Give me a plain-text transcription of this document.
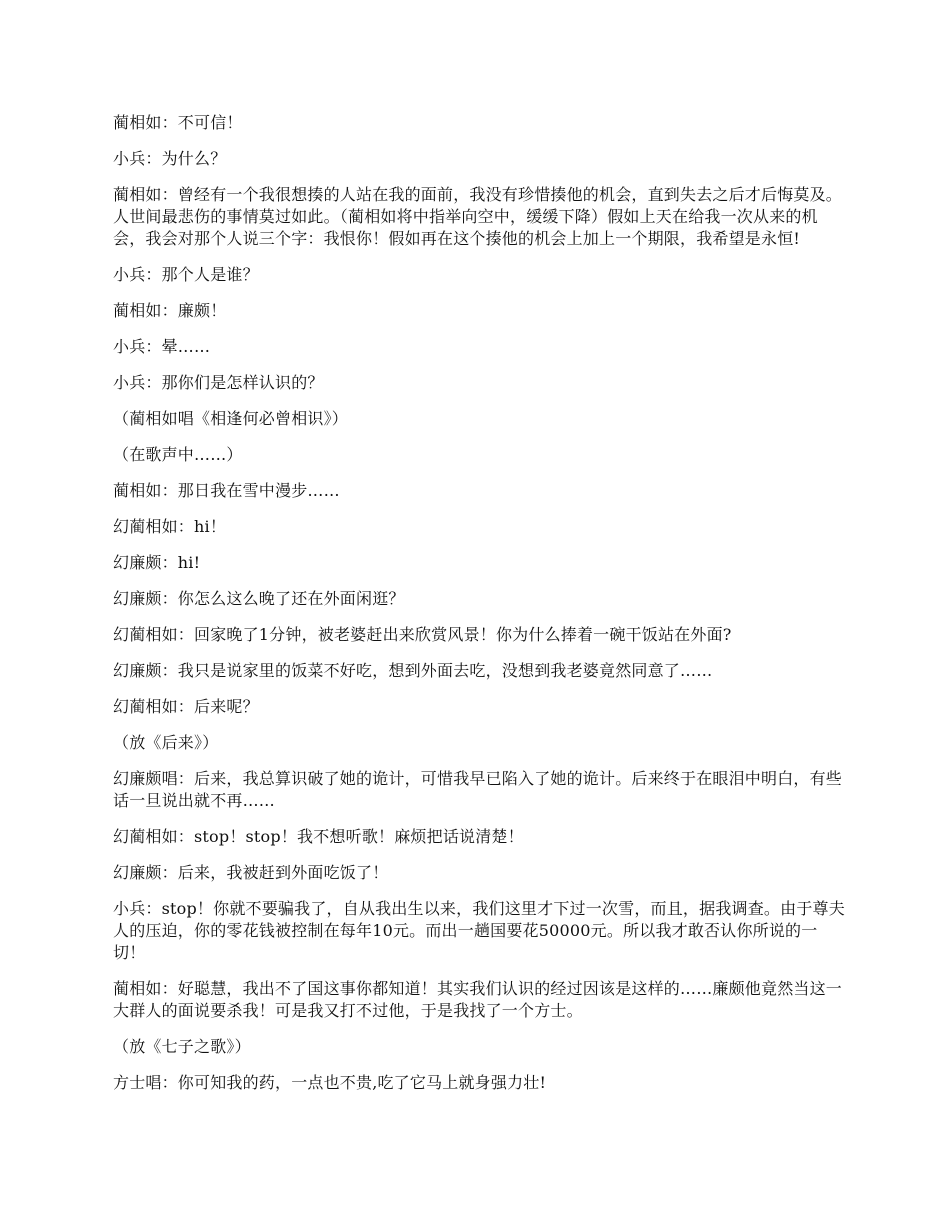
蔺相如：不可信！

小兵：为什么？

蔺相如：曾经有一个我很想揍的人站在我的面前，我没有珍惜揍他的机会，直到失去之后才后悔莫及。人世间最悲伤的事情莫过如此。（蔺相如将中指举向空中，缓缓下降）假如上天在给我一次从来的机会，我会对那个人说三个字：我恨你！假如再在这个揍他的机会上加上一个期限，我希望是永恒!

小兵：那个人是谁？

蔺相如：廉颇！

小兵：晕……

小兵：那你们是怎样认识的？

（蔺相如唱《相逢何必曾相识》）

（在歌声中……）

蔺相如：那日我在雪中漫步……

幻蔺相如：hi！

幻廉颇：hi!

幻廉颇：你怎么这么晚了还在外面闲逛？

幻蔺相如：回家晚了1分钟，被老婆赶出来欣赏风景！你为什么捧着一碗干饭站在外面?

幻廉颇：我只是说家里的饭菜不好吃，想到外面去吃，没想到我老婆竟然同意了……

幻蔺相如：后来呢？

（放《后来》）

幻廉颇唱：后来，我总算识破了她的诡计，可惜我早已陷入了她的诡计。后来终于在眼泪中明白，有些话一旦说出就不再……

幻蔺相如：stop！stop！我不想听歌！麻烦把话说清楚！

幻廉颇：后来，我被赶到外面吃饭了！

小兵：stop！你就不要骗我了，自从我出生以来，我们这里才下过一次雪，而且，据我调查。由于尊夫人的压迫，你的零花钱被控制在每年10元。而出一趟国要花50000元。所以我才敢否认你所说的一切！

蔺相如：好聪慧，我出不了国这事你都知道！其实我们认识的经过因该是这样的……廉颇他竟然当这一大群人的面说要杀我！可是我又打不过他，于是我找了一个方士。

（放《七子之歌》）

方士唱：你可知我的药，一点也不贵,吃了它马上就身强力壮!
